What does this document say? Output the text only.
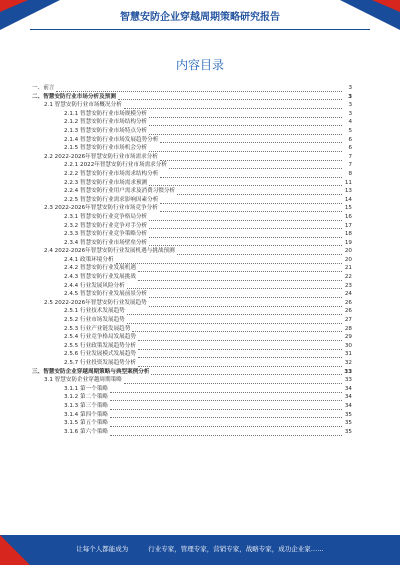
智慧安防企业穿越周期策略研究报告
内容目录
一、前言	3
二、智慧安防行业市场分析及预测	3
2.1 智慧安防行业市场概况分析	3
2.1.1 智慧安防行业市场规模分析	3
2.1.2 智慧安防行业市场结构分析	4
2.1.3 智慧安防行业市场特点分析	5
2.1.4 智慧安防行业市场发展趋势分析	6
2.1.5 智慧安防行业市场机会分析	6
2.2 2022-2026年智慧安防行业市场需求分析	7
2.2.1 2022年智慧安防行业市场需求分析	7
2.2.2 智慧安防行业市场需求结构分析	8
2.2.3 智慧安防行业市场需求预测	11
2.2.4 智慧安防行业用户需求及消费习惯分析	13
2.2.5 智慧安防行业需求影响因素分析	14
2.3 2022-2026年智慧安防行业市场竞争分析	15
2.3.1 智慧安防行业竞争格局分析	16
2.3.2 智慧安防行业竞争对手分析	17
2.3.3 智慧安防行业竞争策略分析	18
2.3.4 智慧安防行业市场壁垒分析	19
2.4 2022-2026年智慧安防行业发展机遇与挑战预测	20
2.4.1 政策环境分析	20
2.4.2 智慧安防行业发展机遇	21
2.4.3 智慧安防行业发展挑战	22
2.4.4 行业发展风险分析	23
2.4.5 智慧安防行业发展前景分析	24
2.5 2022-2026年智慧安防行业发展趋势	26
2.5.1 行业技术发展趋势	26
2.5.2 行业市场发展趋势	27
2.5.3 行业产业链发展趋势	28
2.5.4 行业竞争格局发展趋势	29
2.5.5 行业政策发展趋势分析	30
2.5.6 行业发展模式发展趋势	31
2.5.7 行业投资发展趋势分析	32
三、智慧安防企业穿越周期策略与典型案例分析	33
3.1 智慧安防企业穿越周期策略	33
3.1.1 第一个策略	34
3.1.2 第二个策略	34
3.1.3 第三个策略	34
3.1.4 第四个策略	35
3.1.5 第五个策略	35
3.1.6 第六个策略	35
让每个人都能成为	行业专家，管理专家，营销专家，战略专家，成功企业家……
